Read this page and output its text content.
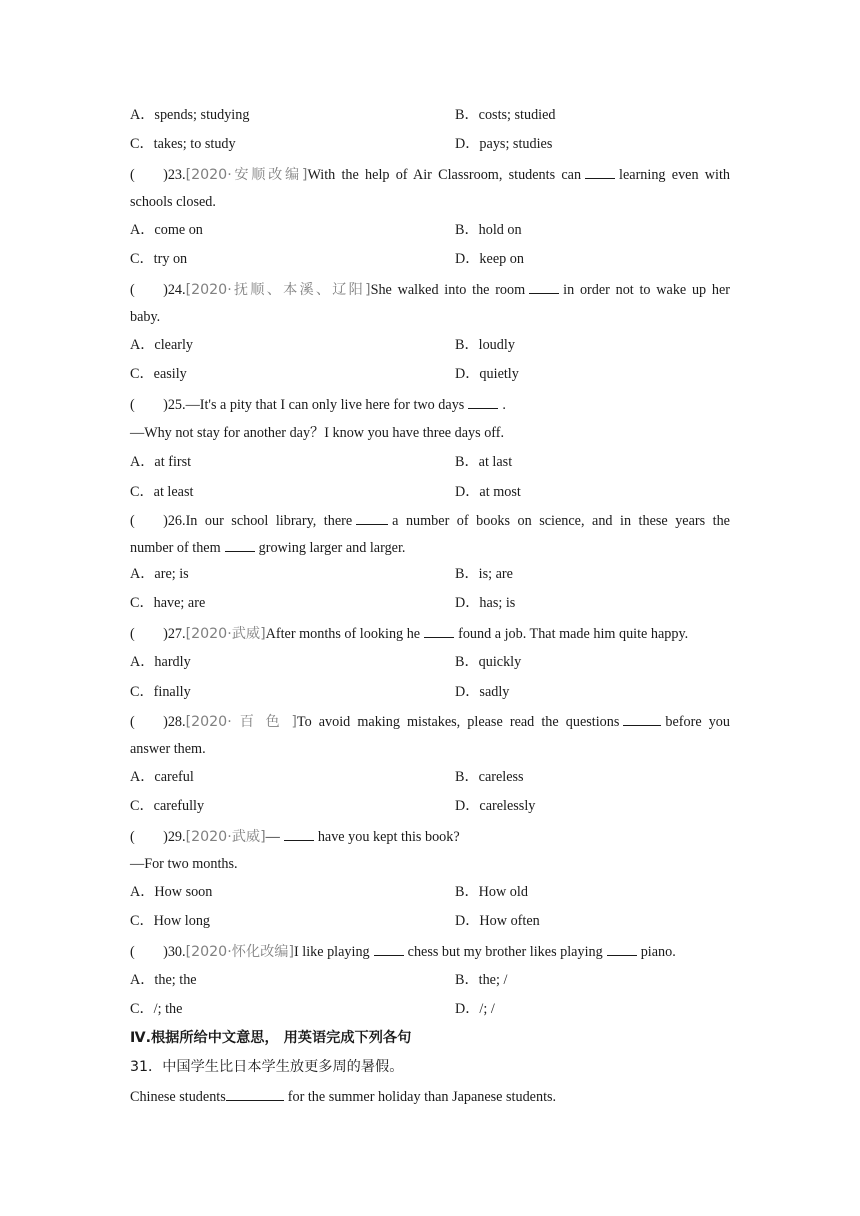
A．spends; studying	B．costs; studied
C．takes; to study	D．pays; studies
(  )23.[2020·安顺改编]With the help of Air Classroom, students can	learning even with
schools closed.
A．come on	B．hold on
C．try on	D．keep on
(  )24.[2020·抚顺、本溪、辽阳]She walked into the room	in order not to wake up her
baby.
A．clearly	B．loudly
C．easily	D．quietly
(  )25.—It's a pity that I can only live here for two days	.
—Why not stay for another day？I know you have three days off.
A．at first	B．at last
C．at least	D．at most
(  )26.In our school library, there	a number of books on science, and in these years the
number of them	growing larger and larger.
A．are; is	B．is; are
C．have; are	D．has; is
(  )27.[2020·武威]After months of looking he	found a job. That made him quite happy.
A．hardly	B．quickly
C．finally	D．sadly
(  )28.[2020· 百 色 ]To avoid making mistakes, please read the questions	before you
answer them.
A．careful	B．careless
C．carefully	D．carelessly
(  )29.[2020·武威]—	have you kept this book?
—For two months.
A．How soon	B．How old
C．How long	D．How often
(  )30.[2020·怀化改编]I like playing	chess but my brother likes playing	piano.
A．the; the	B．the; /
C．/; the	D．/; /
Ⅳ.根据所给中文意思， 用英语完成下列各句
31．中国学生比日本学生放更多周的暑假。
Chinese students	for the summer holiday than Japanese students.
